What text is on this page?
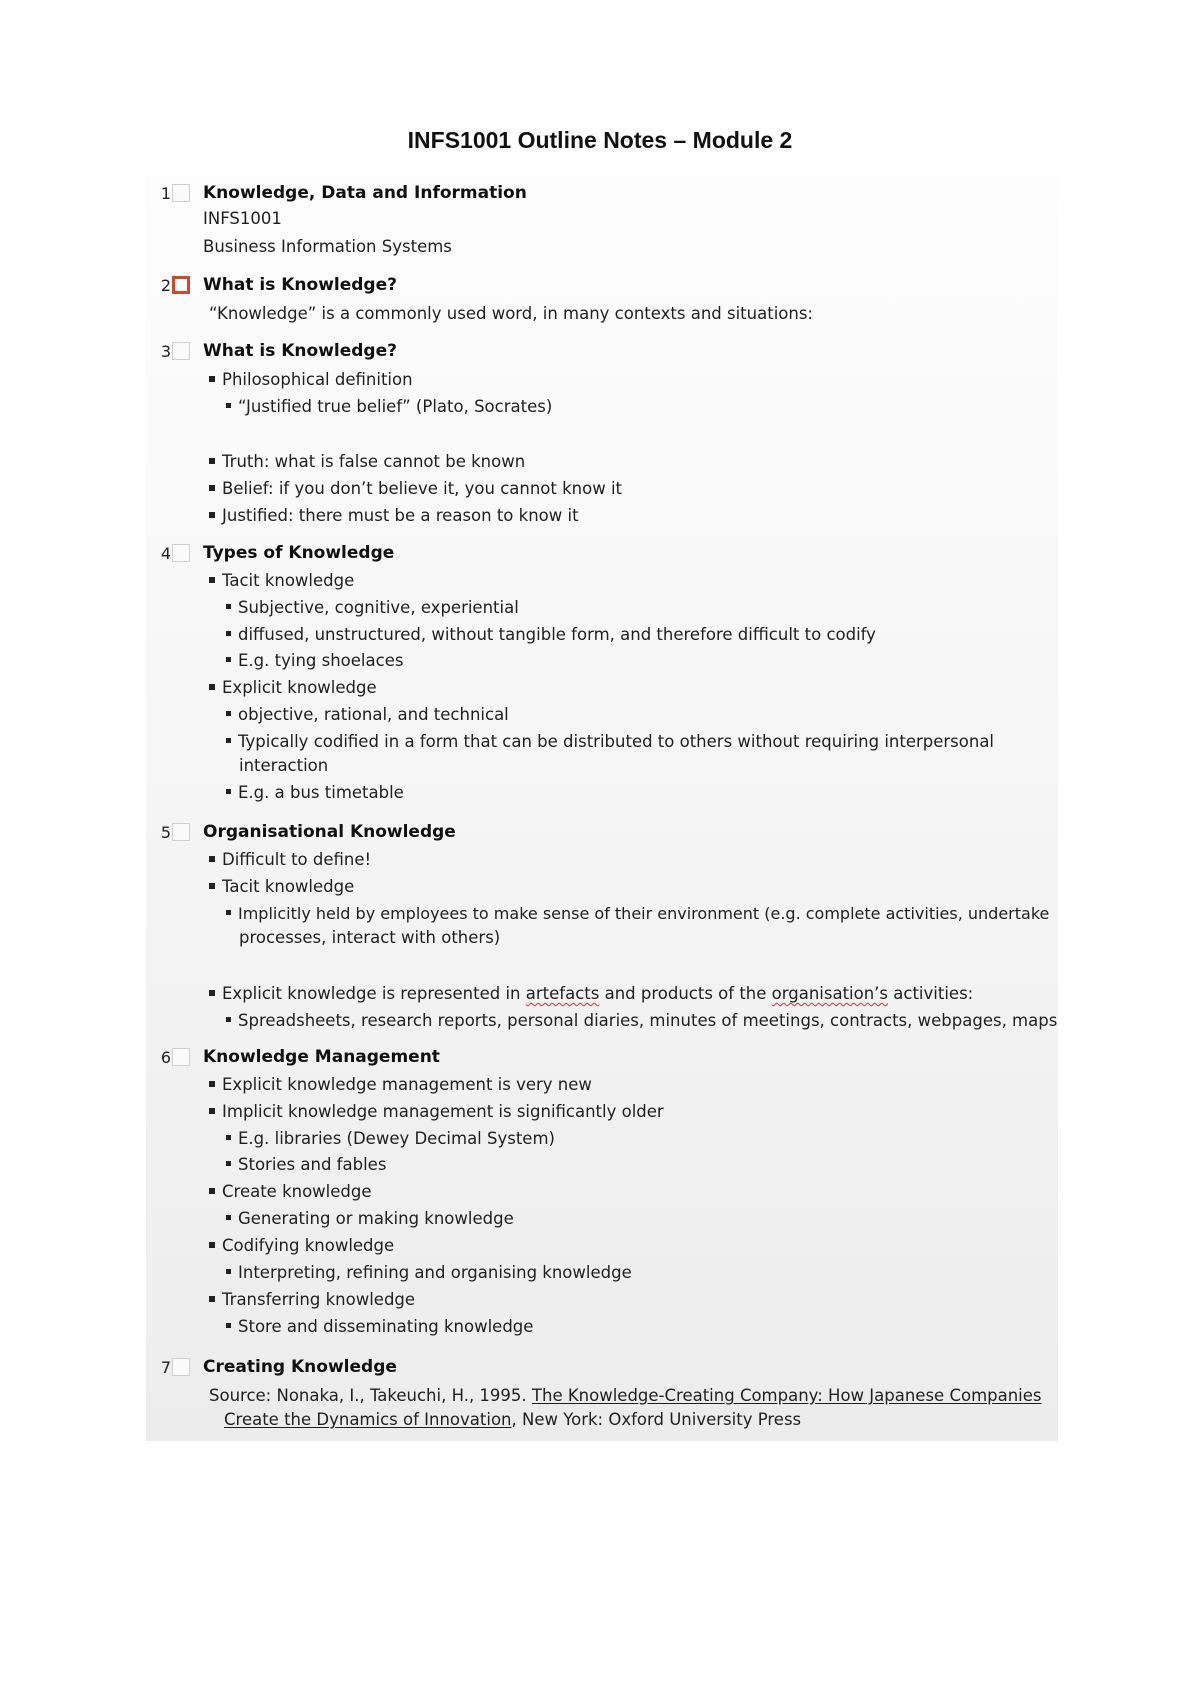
INFS1001 Outline Notes – Module 2
1 Knowledge, Data and Information
INFS1001
Business Information Systems
2 What is Knowledge?
“Knowledge” is a commonly used word, in many contexts and situations:
3 What is Knowledge?
Philosophical definition
“Justified true belief” (Plato, Socrates)
Truth: what is false cannot be known
Belief: if you don’t believe it, you cannot know it
Justified: there must be a reason to know it
4 Types of Knowledge
Tacit knowledge
Subjective, cognitive, experiential
diffused, unstructured, without tangible form, and therefore difficult to codify
E.g. tying shoelaces
Explicit knowledge
objective, rational, and technical
Typically codified in a form that can be distributed to others without requiring interpersonal
interaction
E.g. a bus timetable
5 Organisational Knowledge
Difficult to define!
Tacit knowledge
Implicitly held by employees to make sense of their environment (e.g. complete activities, undertake
processes, interact with others)
Explicit knowledge is represented in artefacts and products of the organisation’s activities:
Spreadsheets, research reports, personal diaries, minutes of meetings, contracts, webpages, maps
6 Knowledge Management
Explicit knowledge management is very new
Implicit knowledge management is significantly older
E.g. libraries (Dewey Decimal System)
Stories and fables
Create knowledge
Generating or making knowledge
Codifying knowledge
Interpreting, refining and organising knowledge
Transferring knowledge
Store and disseminating knowledge
7 Creating Knowledge
Source: Nonaka, I., Takeuchi, H., 1995. The Knowledge-Creating Company: How Japanese Companies
Create the Dynamics of Innovation, New York: Oxford University Press
